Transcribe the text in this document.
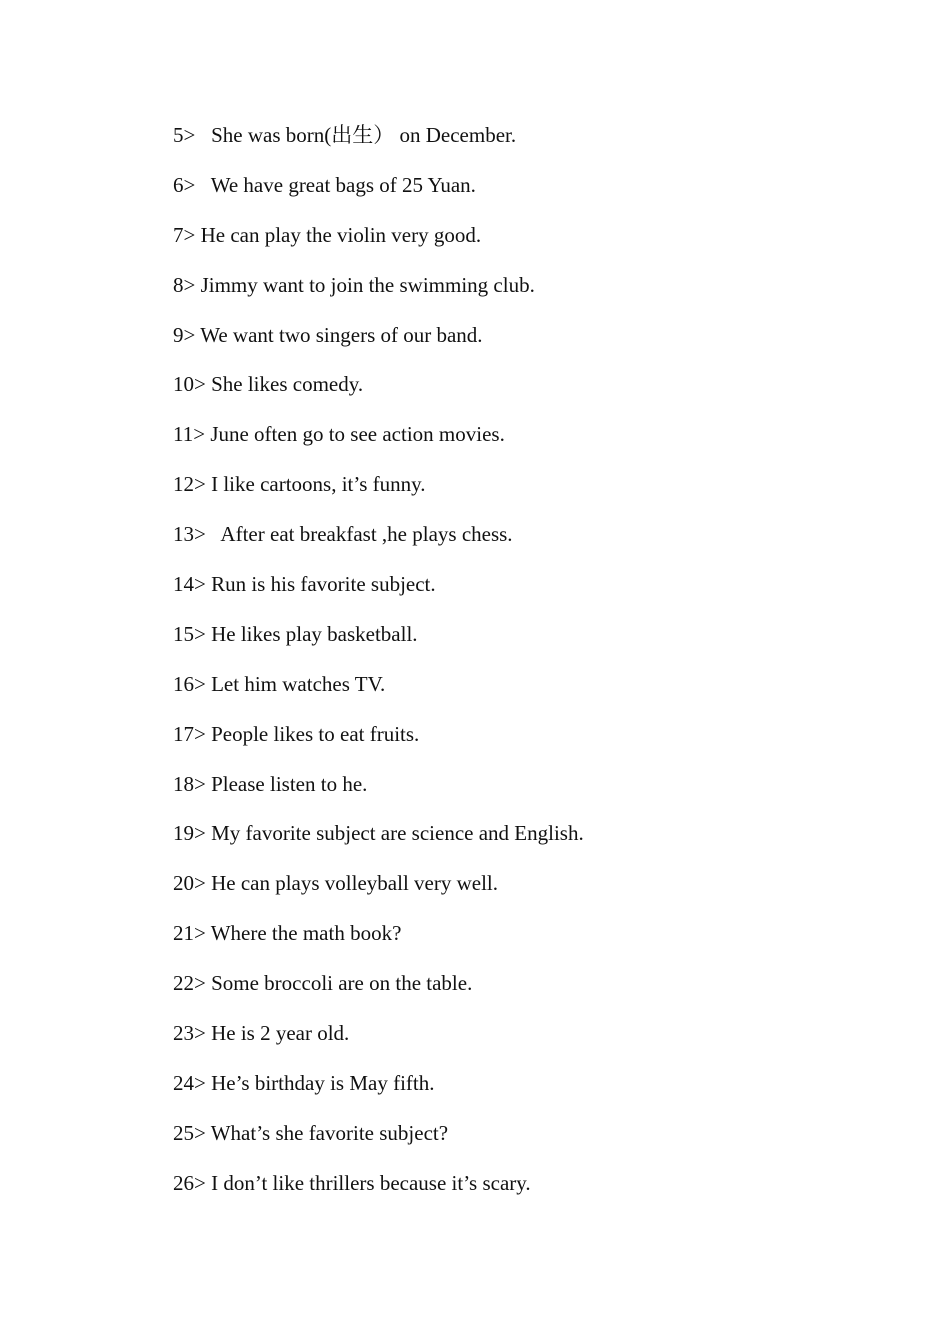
5>   She was born(出生） on December.
6>   We have great bags of 25 Yuan.
7> He can play the violin very good.
8> Jimmy want to join the swimming club.
9> We want two singers of our band.
10> She likes comedy.
11> June often go to see action movies.
12> I like cartoons, it’s funny.
13>   After eat breakfast ,he plays chess.
14> Run is his favorite subject.
15> He likes play basketball.
16> Let him watches TV.
17> People likes to eat fruits.
18> Please listen to he.
19> My favorite subject are science and English.
20> He can plays volleyball very well.
21> Where the math book?
22> Some broccoli are on the table.
23> He is 2 year old.
24> He’s birthday is May fifth.
25> What’s she favorite subject?
26> I don’t like thrillers because it’s scary.
